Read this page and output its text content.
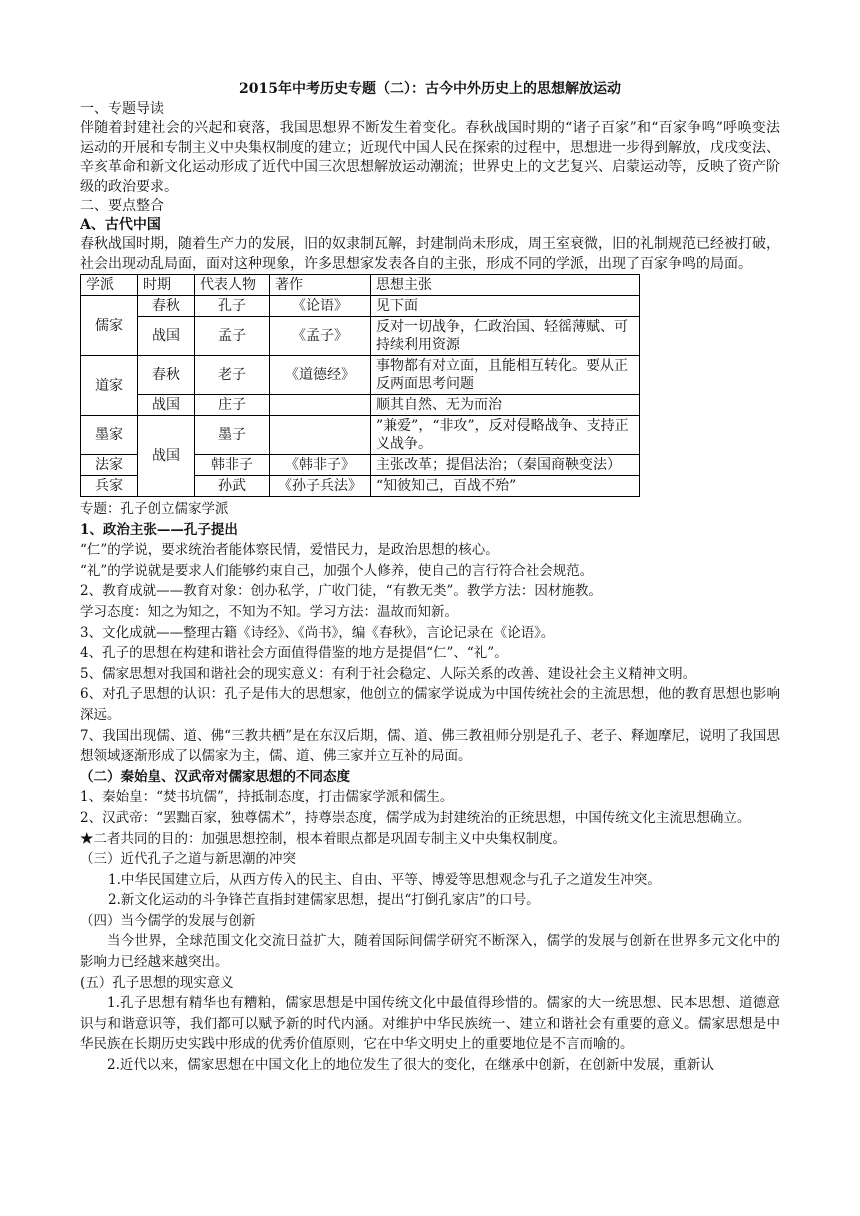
2015年中考历史专题（二）：古今中外历史上的思想解放运动
一、专题导读
伴随着封建社会的兴起和衰落，我国思想界不断发生着变化。春秋战国时期的“诸子百家”和“百家争鸣”呼唤变法运动的开展和专制主义中央集权制度的建立；近现代中国人民在探索的过程中，思想进一步得到解放，戊戌变法、辛亥革命和新文化运动形成了近代中国三次思想解放运动潮流；世界史上的文艺复兴、启蒙运动等，反映了资产阶级的政治要求。
二、要点整合
A、古代中国
春秋战国时期，随着生产力的发展，旧的奴隶制瓦解，封建制尚未形成，周王室衰微，旧的礼制规范已经被打破，社会出现动乱局面，面对这种现象，许多思想家发表各自的主张，形成不同的学派，出现了百家争鸣的局面。
学派	时期	代表人物	著作	思想主张
儒家	春秋	孔子	《论语》	见下面
	战国	孟子	《孟子》	反对一切战争，仁政治国、轻徭薄赋、可持续利用资源
道家	春秋	老子	《道德经》	事物都有对立面，且能相互转化。要从正反两面思考问题
	战国	庄子		顺其自然、无为而治
墨家	战国	墨子		”兼爱”，“非攻”，反对侵略战争、支持正义战争。
法家		韩非子	《韩非子》	主张改革；提倡法治；（秦国商鞅变法）
兵家		孙武	《孙子兵法》	“知彼知己，百战不殆”
专题：孔子创立儒家学派
1、政治主张——孔子提出
“仁”的学说，要求统治者能体察民情，爱惜民力，是政治思想的核心。
“礼”的学说就是要求人们能够约束自己，加强个人修养，使自己的言行符合社会规范。
2、教育成就——教育对象：创办私学，广收门徒，“有教无类”。教学方法：因材施教。
学习态度：知之为知之，不知为不知。学习方法：温故而知新。
3、文化成就——整理古籍《诗经》、《尚书》，编《春秋》，言论记录在《论语》。
4、孔子的思想在构建和谐社会方面值得借鉴的地方是提倡“仁”、“礼”。
5、儒家思想对我国和谐社会的现实意义：有利于社会稳定、人际关系的改善、建设社会主义精神文明。
6、对孔子思想的认识：孔子是伟大的思想家，他创立的儒家学说成为中国传统社会的主流思想，他的教育思想也影响深远。
7、我国出现儒、道、佛“三教共栖”是在东汉后期，儒、道、佛三教祖师分别是孔子、老子、释迦摩尼，说明了我国思想领域逐渐形成了以儒家为主，儒、道、佛三家并立互补的局面。
（二）秦始皇、汉武帝对儒家思想的不同态度
1、秦始皇：“焚书坑儒”，持抵制态度，打击儒家学派和儒生。
2、汉武帝：“罢黜百家，独尊儒术”，持尊崇态度，儒学成为封建统治的正统思想，中国传统文化主流思想确立。
★二者共同的目的：加强思想控制，根本着眼点都是巩固专制主义中央集权制度。
（三）近代孔子之道与新思潮的冲突
1.中华民国建立后，从西方传入的民主、自由、平等、博爱等思想观念与孔子之道发生冲突。
2.新文化运动的斗争锋芒直指封建儒家思想，提出“打倒孔家店”的口号。
（四）当今儒学的发展与创新
当今世界，全球范围文化交流日益扩大，随着国际间儒学研究不断深入，儒学的发展与创新在世界多元文化中的影响力已经越来越突出。
(五）孔子思想的现实意义
1.孔子思想有精华也有糟粕，儒家思想是中国传统文化中最值得珍惜的。儒家的大一统思想、民本思想、道德意识与和谐意识等，我们都可以赋予新的时代内涵。对维护中华民族统一、建立和谐社会有重要的意义。儒家思想是中华民族在长期历史实践中形成的优秀价值原则，它在中华文明史上的重要地位是不言而喻的。
2.近代以来，儒家思想在中国文化上的地位发生了很大的变化，在继承中创新，在创新中发展，重新认
